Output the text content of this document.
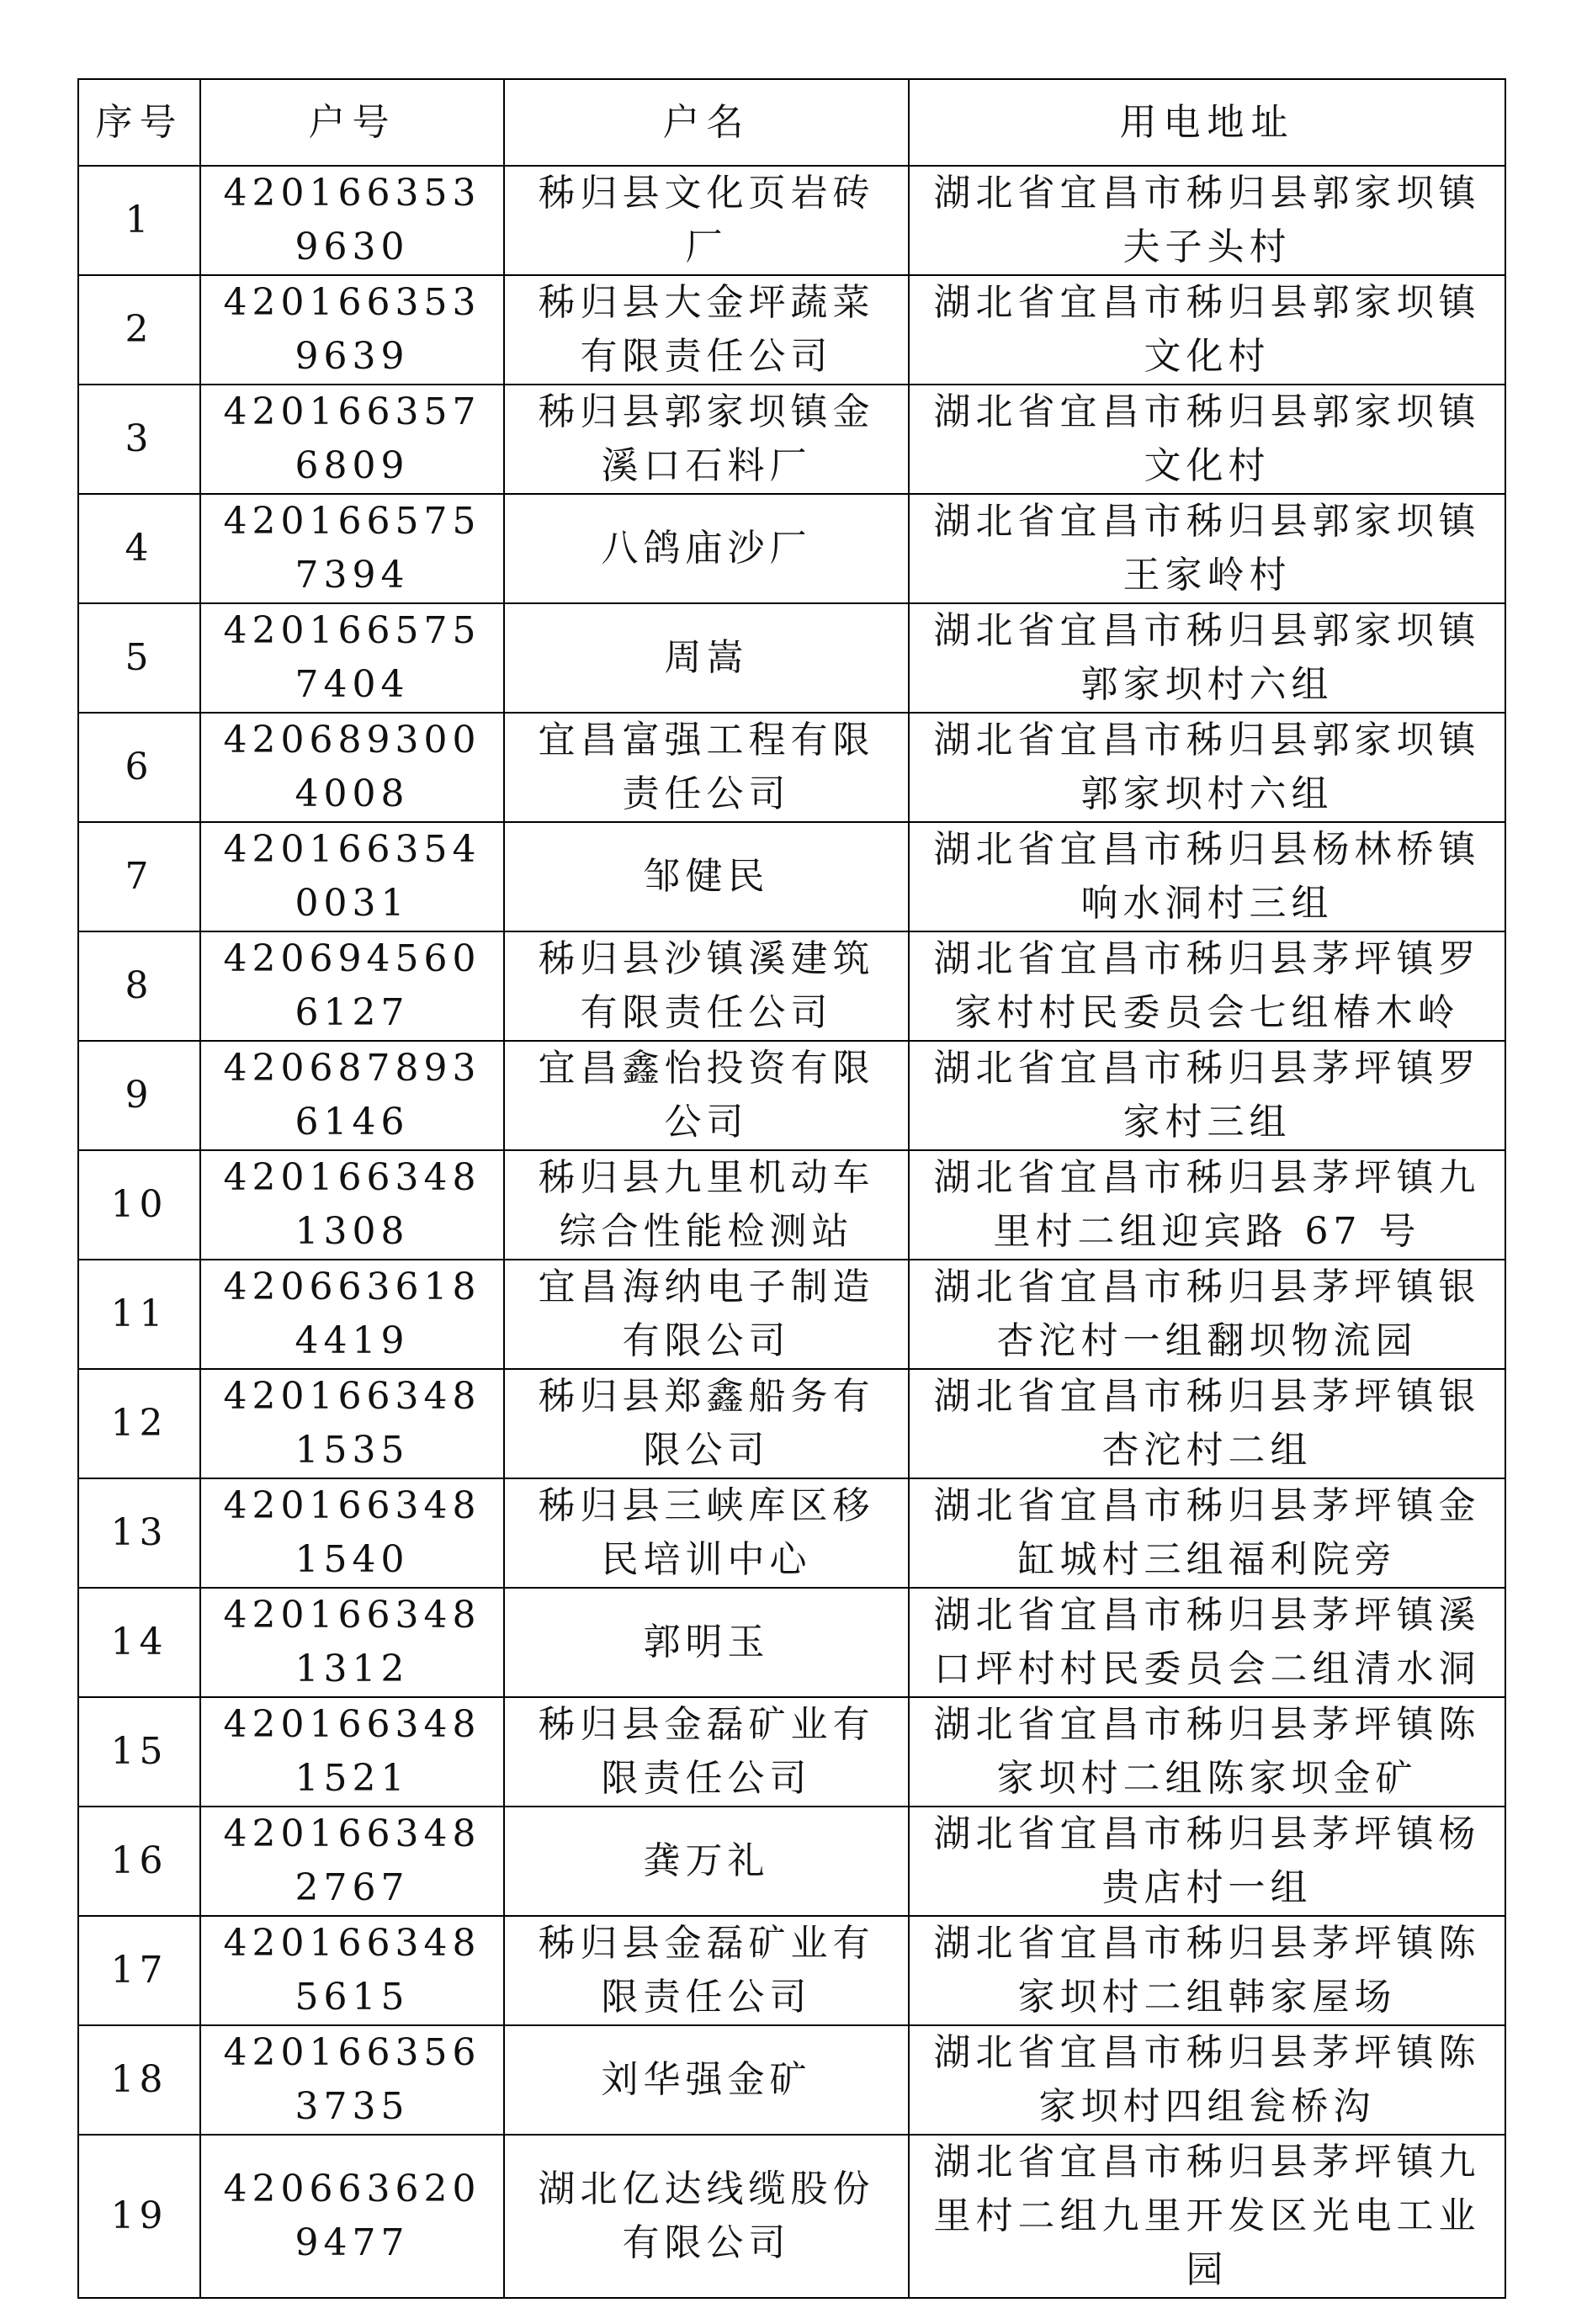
序号	户号	户名	用电地址
1	4201663539630	秭归县文化页岩砖厂	湖北省宜昌市秭归县郭家坝镇夫子头村
2	4201663539639	秭归县大金坪蔬菜有限责任公司	湖北省宜昌市秭归县郭家坝镇文化村
3	4201663576809	秭归县郭家坝镇金溪口石料厂	湖北省宜昌市秭归县郭家坝镇文化村
4	4201665757394	八鸽庙沙厂	湖北省宜昌市秭归县郭家坝镇王家岭村
5	4201665757404	周嵩	湖北省宜昌市秭归县郭家坝镇郭家坝村六组
6	4206893004008	宜昌富强工程有限责任公司	湖北省宜昌市秭归县郭家坝镇郭家坝村六组
7	4201663540031	邹健民	湖北省宜昌市秭归县杨林桥镇响水洞村三组
8	4206945606127	秭归县沙镇溪建筑有限责任公司	湖北省宜昌市秭归县茅坪镇罗家村村民委员会七组椿木岭
9	4206878936146	宜昌鑫怡投资有限公司	湖北省宜昌市秭归县茅坪镇罗家村三组
10	4201663481308	秭归县九里机动车综合性能检测站	湖北省宜昌市秭归县茅坪镇九里村二组迎宾路 67 号
11	4206636184419	宜昌海纳电子制造有限公司	湖北省宜昌市秭归县茅坪镇银杏沱村一组翻坝物流园
12	4201663481535	秭归县郑鑫船务有限公司	湖北省宜昌市秭归县茅坪镇银杏沱村二组
13	4201663481540	秭归县三峡库区移民培训中心	湖北省宜昌市秭归县茅坪镇金缸城村三组福利院旁
14	4201663481312	郭明玉	湖北省宜昌市秭归县茅坪镇溪口坪村村民委员会二组清水洞
15	4201663481521	秭归县金磊矿业有限责任公司	湖北省宜昌市秭归县茅坪镇陈家坝村二组陈家坝金矿
16	4201663482767	龚万礼	湖北省宜昌市秭归县茅坪镇杨贵店村一组
17	4201663485615	秭归县金磊矿业有限责任公司	湖北省宜昌市秭归县茅坪镇陈家坝村二组韩家屋场
18	4201663563735	刘华强金矿	湖北省宜昌市秭归县茅坪镇陈家坝村四组瓮桥沟
19	4206636209477	湖北亿达线缆股份有限公司	湖北省宜昌市秭归县茅坪镇九里村二组九里开发区光电工业园
